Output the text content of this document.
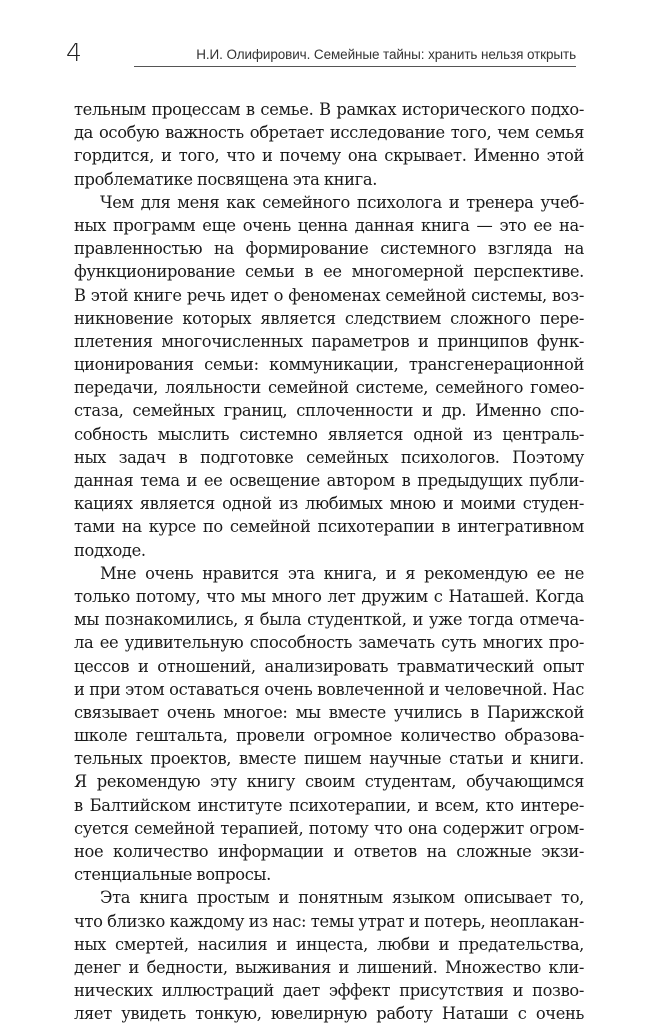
4	Н.И. Олифирович. Семейные тайны: хранить нельзя открыть
тельным процессам в семье. В рамках исторического подхо-
да особую важность обретает исследование того, чем семья
гордится, и того, что и почему она скрывает. Именно этой
проблематике посвящена эта книга.
Чем для меня как семейного психолога и тренера учеб-
ных программ еще очень ценна данная книга — это ее на-
правленностью на формирование системного взгляда на
функционирование семьи в ее многомерной перспективе.
В этой книге речь идет о феноменах семейной системы, воз-
никновение которых является следствием сложного пере-
плетения многочисленных параметров и принципов функ-
ционирования семьи: коммуникации, трансгенерационной
передачи, лояльности семейной системе, семейного гомео-
стаза, семейных границ, сплоченности и др. Именно спо-
собность мыслить системно является одной из централь-
ных задач в подготовке семейных психологов. Поэтому
данная тема и ее освещение автором в предыдущих публи-
кациях является одной из любимых мною и моими студен-
тами на курсе по семейной психотерапии в интегративном
подходе.
Мне очень нравится эта книга, и я рекомендую ее не
только потому, что мы много лет дружим с Наташей. Когда
мы познакомились, я была студенткой, и уже тогда отмеча-
ла ее удивительную способность замечать суть многих про-
цессов и отношений, анализировать травматический опыт
и при этом оставаться очень вовлеченной и человечной. Нас
связывает очень многое: мы вместе учились в Парижской
школе гештальта, провели огромное количество образова-
тельных проектов, вместе пишем научные статьи и книги.
Я рекомендую эту книгу своим студентам, обучающимся
в Балтийском институте психотерапии, и всем, кто интере-
суется семейной терапией, потому что она содержит огром-
ное количество информации и ответов на сложные экзи-
стенциальные вопросы.
Эта книга простым и понятным языком описывает то,
что близко каждому из нас: темы утрат и потерь, неоплакан-
ных смертей, насилия и инцеста, любви и предательства,
денег и бедности, выживания и лишений. Множество кли-
нических иллюстраций дает эффект присутствия и позво-
ляет увидеть тонкую, ювелирную работу Наташи с очень
